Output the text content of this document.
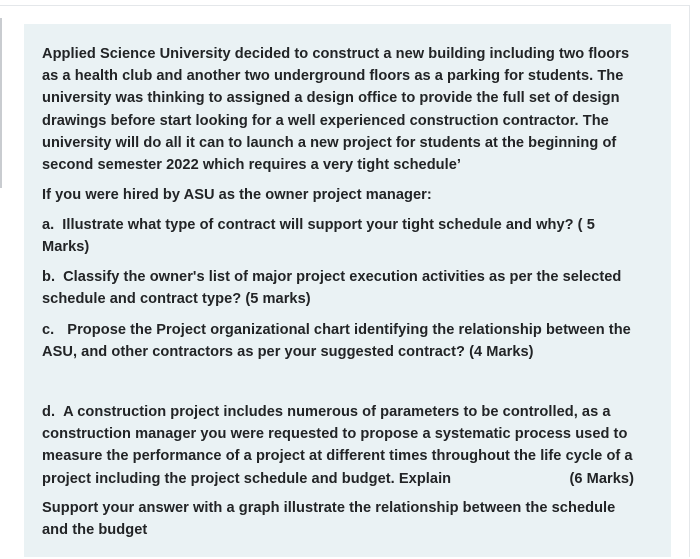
Applied Science University decided to construct a new building including two floors
as a health club and another two underground floors as a parking for students. The
university was thinking to assigned a design office to provide the full set of design
drawings before start looking for a well experienced construction contractor. The
university will do all it can to launch a new project for students at the beginning of
second semester 2022 which requires a very tight schedule’
If you were hired by ASU as the owner project manager:
a. Illustrate what type of contract will support your tight schedule and why? ( 5
Marks)
b. Classify the owner's list of major project execution activities as per the selected
schedule and contract type? (5 marks)
c. Propose the Project organizational chart identifying the relationship between the
ASU, and other contractors as per your suggested contract? (4 Marks)
d. A construction project includes numerous of parameters to be controlled, as a
construction manager you were requested to propose a systematic process used to
measure the performance of a project at different times throughout the life cycle of a
project including the project schedule and budget. Explain	(6 Marks)
Support your answer with a graph illustrate the relationship between the schedule
and the budget
